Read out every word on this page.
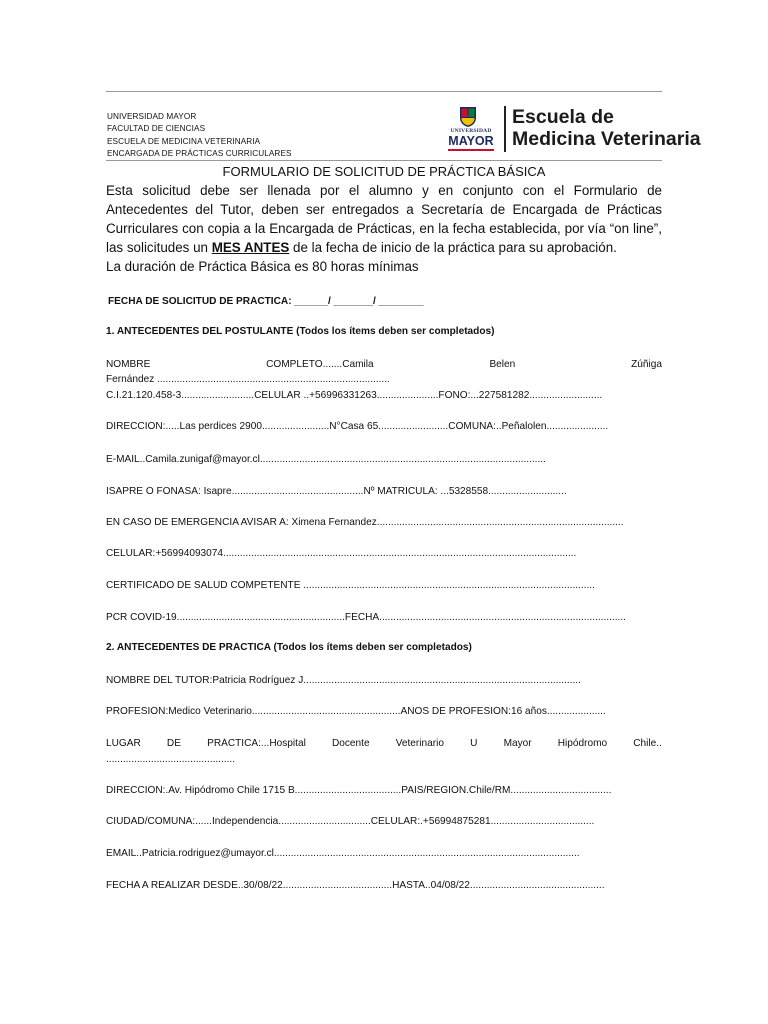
UNIVERSIDAD MAYOR
FACULTAD DE CIENCIAS
ESCUELA DE MEDICINA VETERINARIA
ENCARGADA DE PRÁCTICAS CURRICULARES
UNIVERSIDAD
MAYOR
Escuela de
Medicina Veterinaria
FORMULARIO DE SOLICITUD DE PRÁCTICA BÁSICA
Esta solicitud debe ser llenada por el alumno y en conjunto con el Formulario de Antecedentes del Tutor, deben ser entregados a Secretaría de Encargada de Prácticas Curriculares con copia a la Encargada de Prácticas, en la fecha establecida, por vía “on line”, las solicitudes un MES ANTES de la fecha de inicio de la práctica para su aprobación.
La duración de Práctica Básica es 80 horas mínimas
FECHA DE SOLICITUD DE PRÁCTICA: ______/ _______/ ________
1. ANTECEDENTES DEL POSTULANTE (Todos los ítems deben ser completados)
NOMBRE	COMPLETO.......Camila	Belen	Zúñiga
Fernández ...................................................................................
C.I.21.120.458-3..........................CELULAR ..+56996331263......................FONO:...227581282..........................
DIRECCIÓN:.....Las perdices 2900........................N°Casa 65.........................COMUNA:..Peñalolen......................
E-MAIL..Camila.zunigaf@mayor.cl......................................................................................................
ISAPRE O FONASA: Isapre...............................................Nº MATRICULA: ...5328558............................
EN CASO DE EMERGENCIA AVISAR A: Ximena Fernandez........................................................................................
CELULAR:+56994093074..............................................................................................................................
CERTIFICADO DE SALUD COMPETENTE ........................................................................................................
PCR COVID-19............................................................FECHA........................................................................................
2. ANTECEDENTES DE PRÁCTICA (Todos los ítems deben ser completados)
NOMBRE DEL TUTOR:Patricia Rodríguez J...................................................................................................
PROFESIÓN:Medico Veterinario.....................................................AÑOS DE PROFESIÓN:16 años.....................
LUGAR	DE	PRÁCTICA:...Hospital	Docente	Veterinario	U	Mayor	Hipódromo	Chile..
..............................................
DIRECCIÓN:.Av. Hipódromo Chile 1715 B......................................PAÍS/REGIÓN.Chile/RM....................................
CIUDAD/COMUNA:......Independencia.................................CELULAR:.+56994875281.....................................
EMAIL..Patricia.rodriguez@umayor.cl.............................................................................................................
FECHA A REALIZAR DESDE..30/08/22.......................................HASTA..04/08/22................................................
